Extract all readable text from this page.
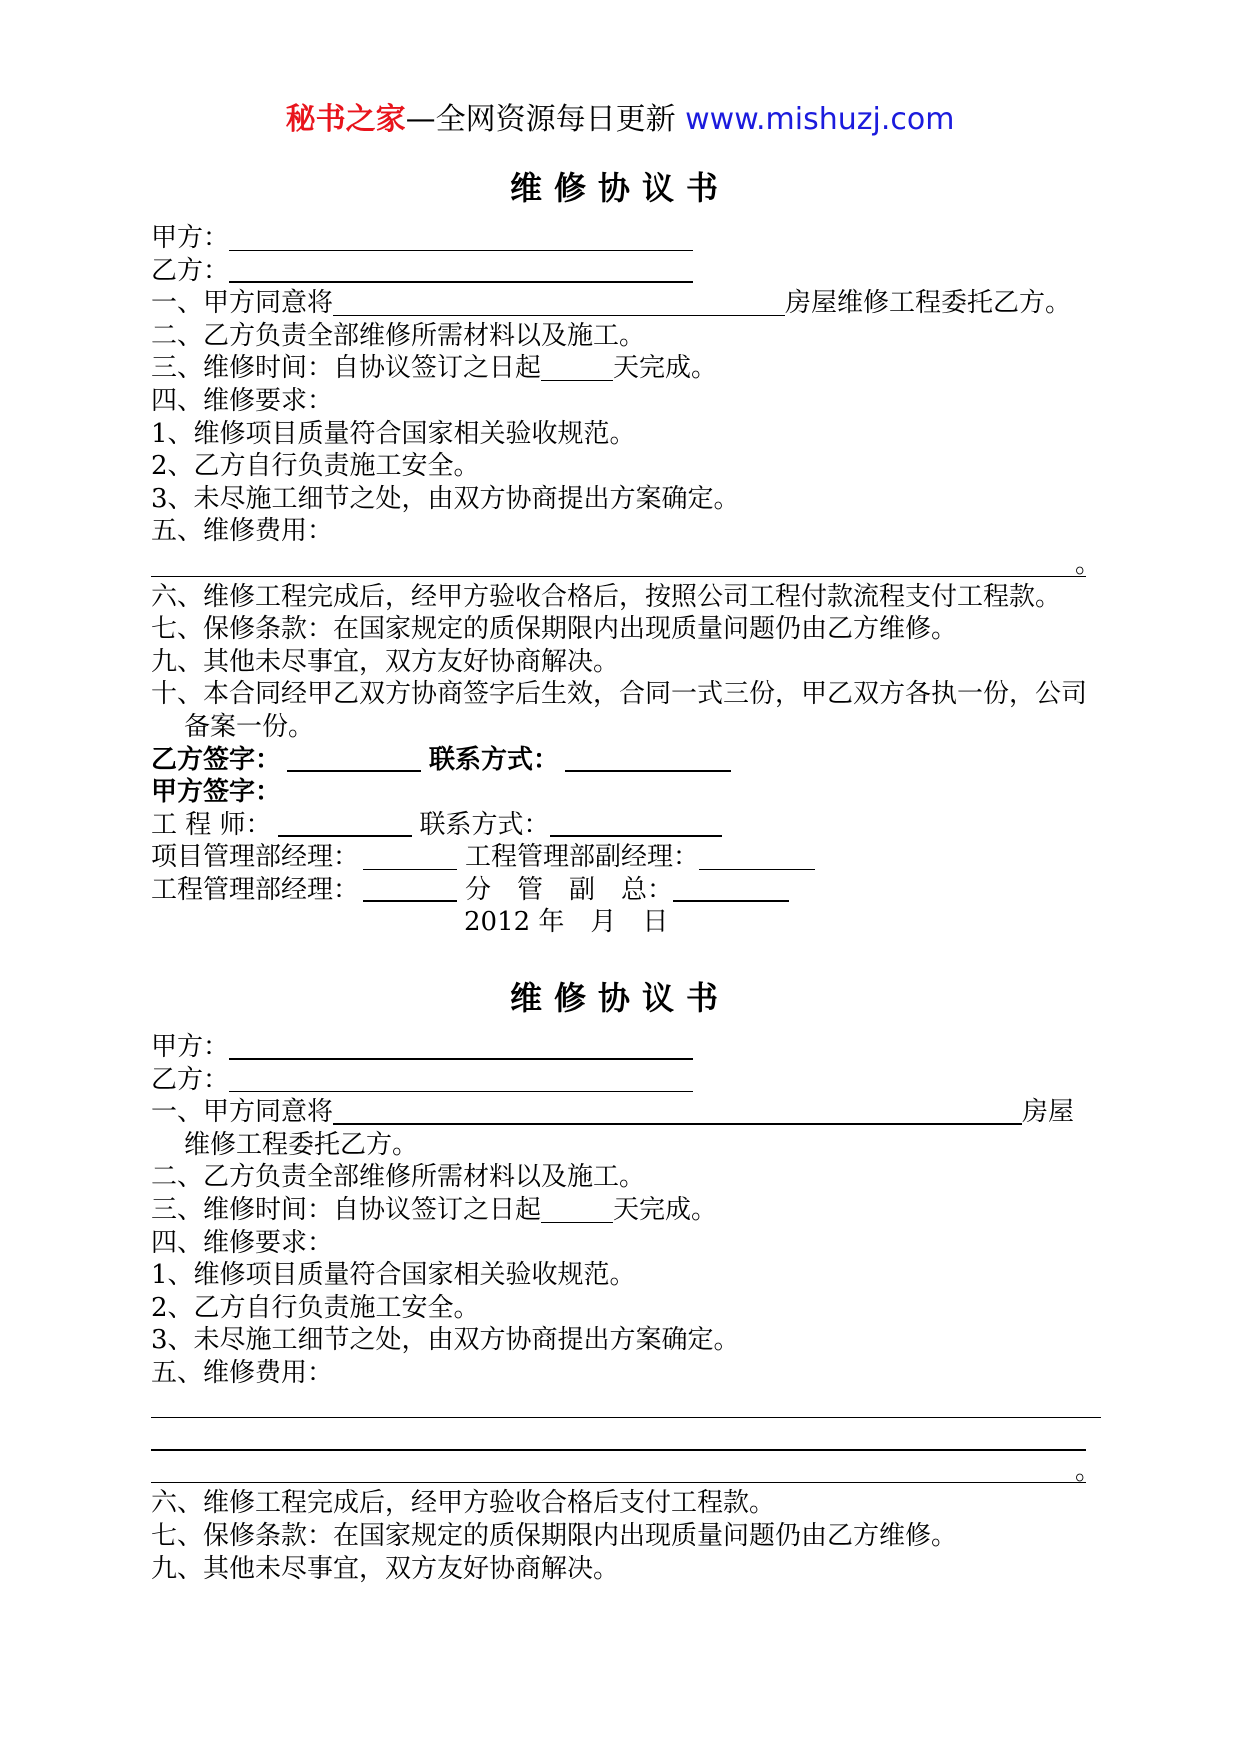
秘书之家—全网资源每日更新 www.mishuzj.com
维修协议书
甲方：
乙方：
一、甲方同意将	房屋维修工程委托乙方。
二、乙方负责全部维修所需材料以及施工。
三、维修时间：自协议签订之日起	天完成。
四、维修要求：
1、维修项目质量符合国家相关验收规范。
2、乙方自行负责施工安全。
3、未尽施工细节之处，由双方协商提出方案确定。
五、维修费用：
。
六、维修工程完成后，经甲方验收合格后，按照公司工程付款流程支付工程款。
七、保修条款：在国家规定的质保期限内出现质量问题仍由乙方维修。
九、其他未尽事宜，双方友好协商解决。
十、本合同经甲乙双方协商签字后生效，合同一式三份，甲乙双方各执一份，公司备案一份。
乙方签字：	联系方式：
甲方签字：
工 程 师：	联系方式：
项目管理部经理：	工程管理部副经理：
工程管理部经理：	分　管　副　总：
2012 年　月　日
维修协议书
甲方：
乙方：
一、甲方同意将	房屋
维修工程委托乙方。
二、乙方负责全部维修所需材料以及施工。
三、维修时间：自协议签订之日起	天完成。
四、维修要求：
1、维修项目质量符合国家相关验收规范。
2、乙方自行负责施工安全。
3、未尽施工细节之处，由双方协商提出方案确定。
五、维修费用：
。
六、维修工程完成后，经甲方验收合格后支付工程款。
七、保修条款：在国家规定的质保期限内出现质量问题仍由乙方维修。
九、其他未尽事宜，双方友好协商解决。
